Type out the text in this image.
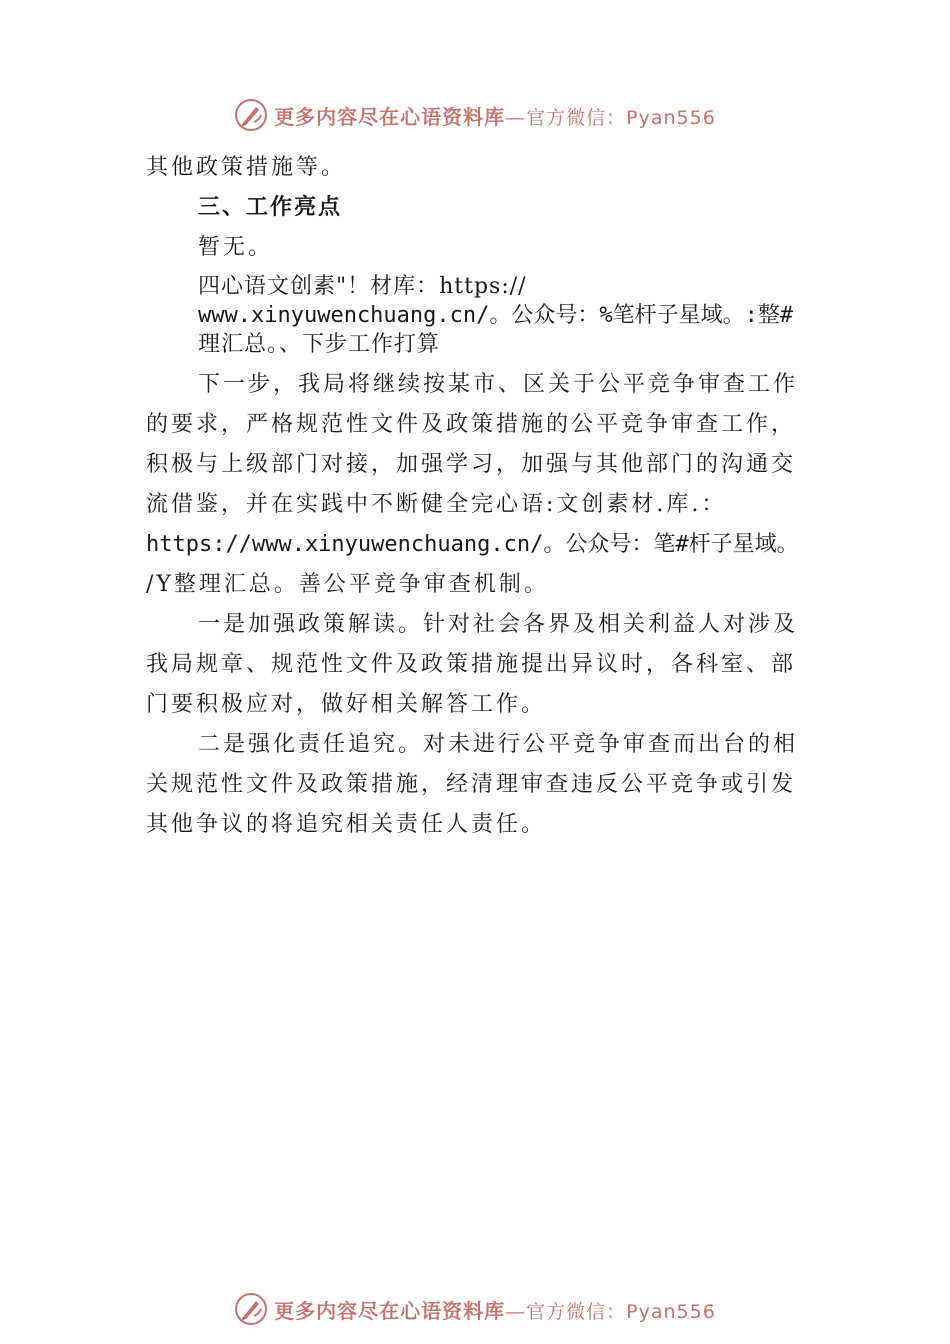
更多内容尽在心语资料库—官方微信：Pyan556

其他政策措施等。

三、工作亮点

暂无。

四心语文创素"！材库：https://

www.xinyuwenchuang.cn/。公众号：%笔杆子星域。:整#

理汇总。、下步工作打算

下一步，我局将继续按某市、区关于公平竞争审查工作的要求，严格规范性文件及政策措施的公平竞争审查工作，积极与上级部门对接，加强学习，加强与其他部门的沟通交流借鉴，并在实践中不断健全完心语:文创素材.库.：
https://www.xinyuwenchuang.cn/。公众号：笔#杆子星域。
/Y整理汇总。善公平竞争审查机制。

一是加强政策解读。针对社会各界及相关利益人对涉及我局规章、规范性文件及政策措施提出异议时，各科室、部门要积极应对，做好相关解答工作。

二是强化责任追究。对未进行公平竞争审查而出台的相关规范性文件及政策措施，经清理审查违反公平竞争或引发其他争议的将追究相关责任人责任。

更多内容尽在心语资料库—官方微信：Pyan556
